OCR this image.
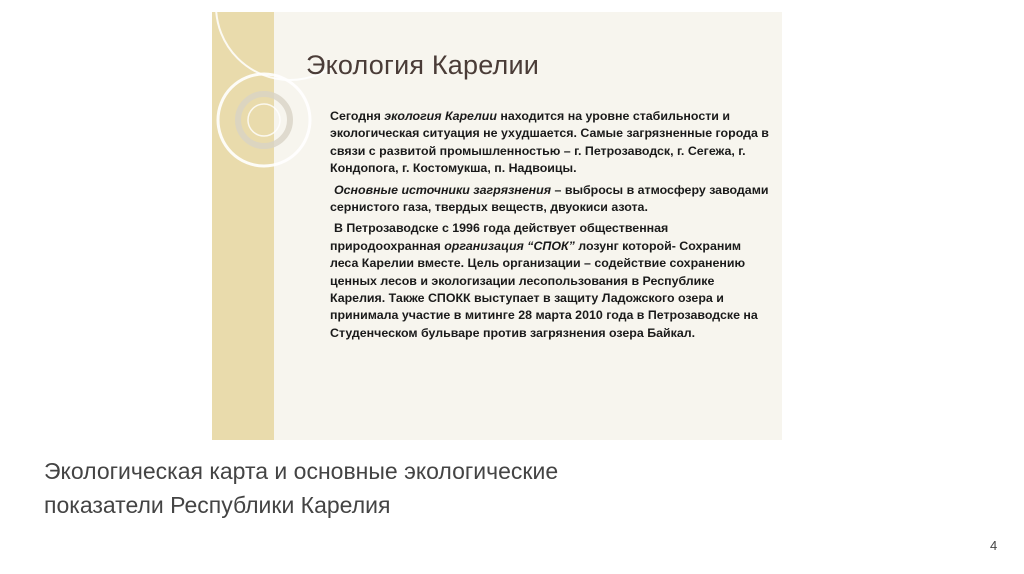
Экология Карелии

Сегодня экология Карелии находится на уровне стабильности и экологическая ситуация не ухудшается. Самые загрязненные города в связи с развитой промышленностью – г. Петрозаводск, г. Сегежа, г. Кондопога, г. Костомукша, п. Надвоицы.

Основные источники загрязнения – выбросы в атмосферу заводами сернистого газа, твердых веществ, двуокиси азота.

В Петрозаводске с 1996 года действует общественная природоохранная организация “СПОК” лозунг которой- Сохраним леса Карелии вместе. Цель организации – содействие сохранению ценных лесов и экологизации лесопользования в Республике Карелия. Также СПОКК выступает в защиту Ладожского озера и принимала участие в митинге 28 марта 2010 года в Петрозаводске на Студенческом бульваре против загрязнения озера Байкал.

Экологическая карта и основные экологические показатели Республики Карелия

4
